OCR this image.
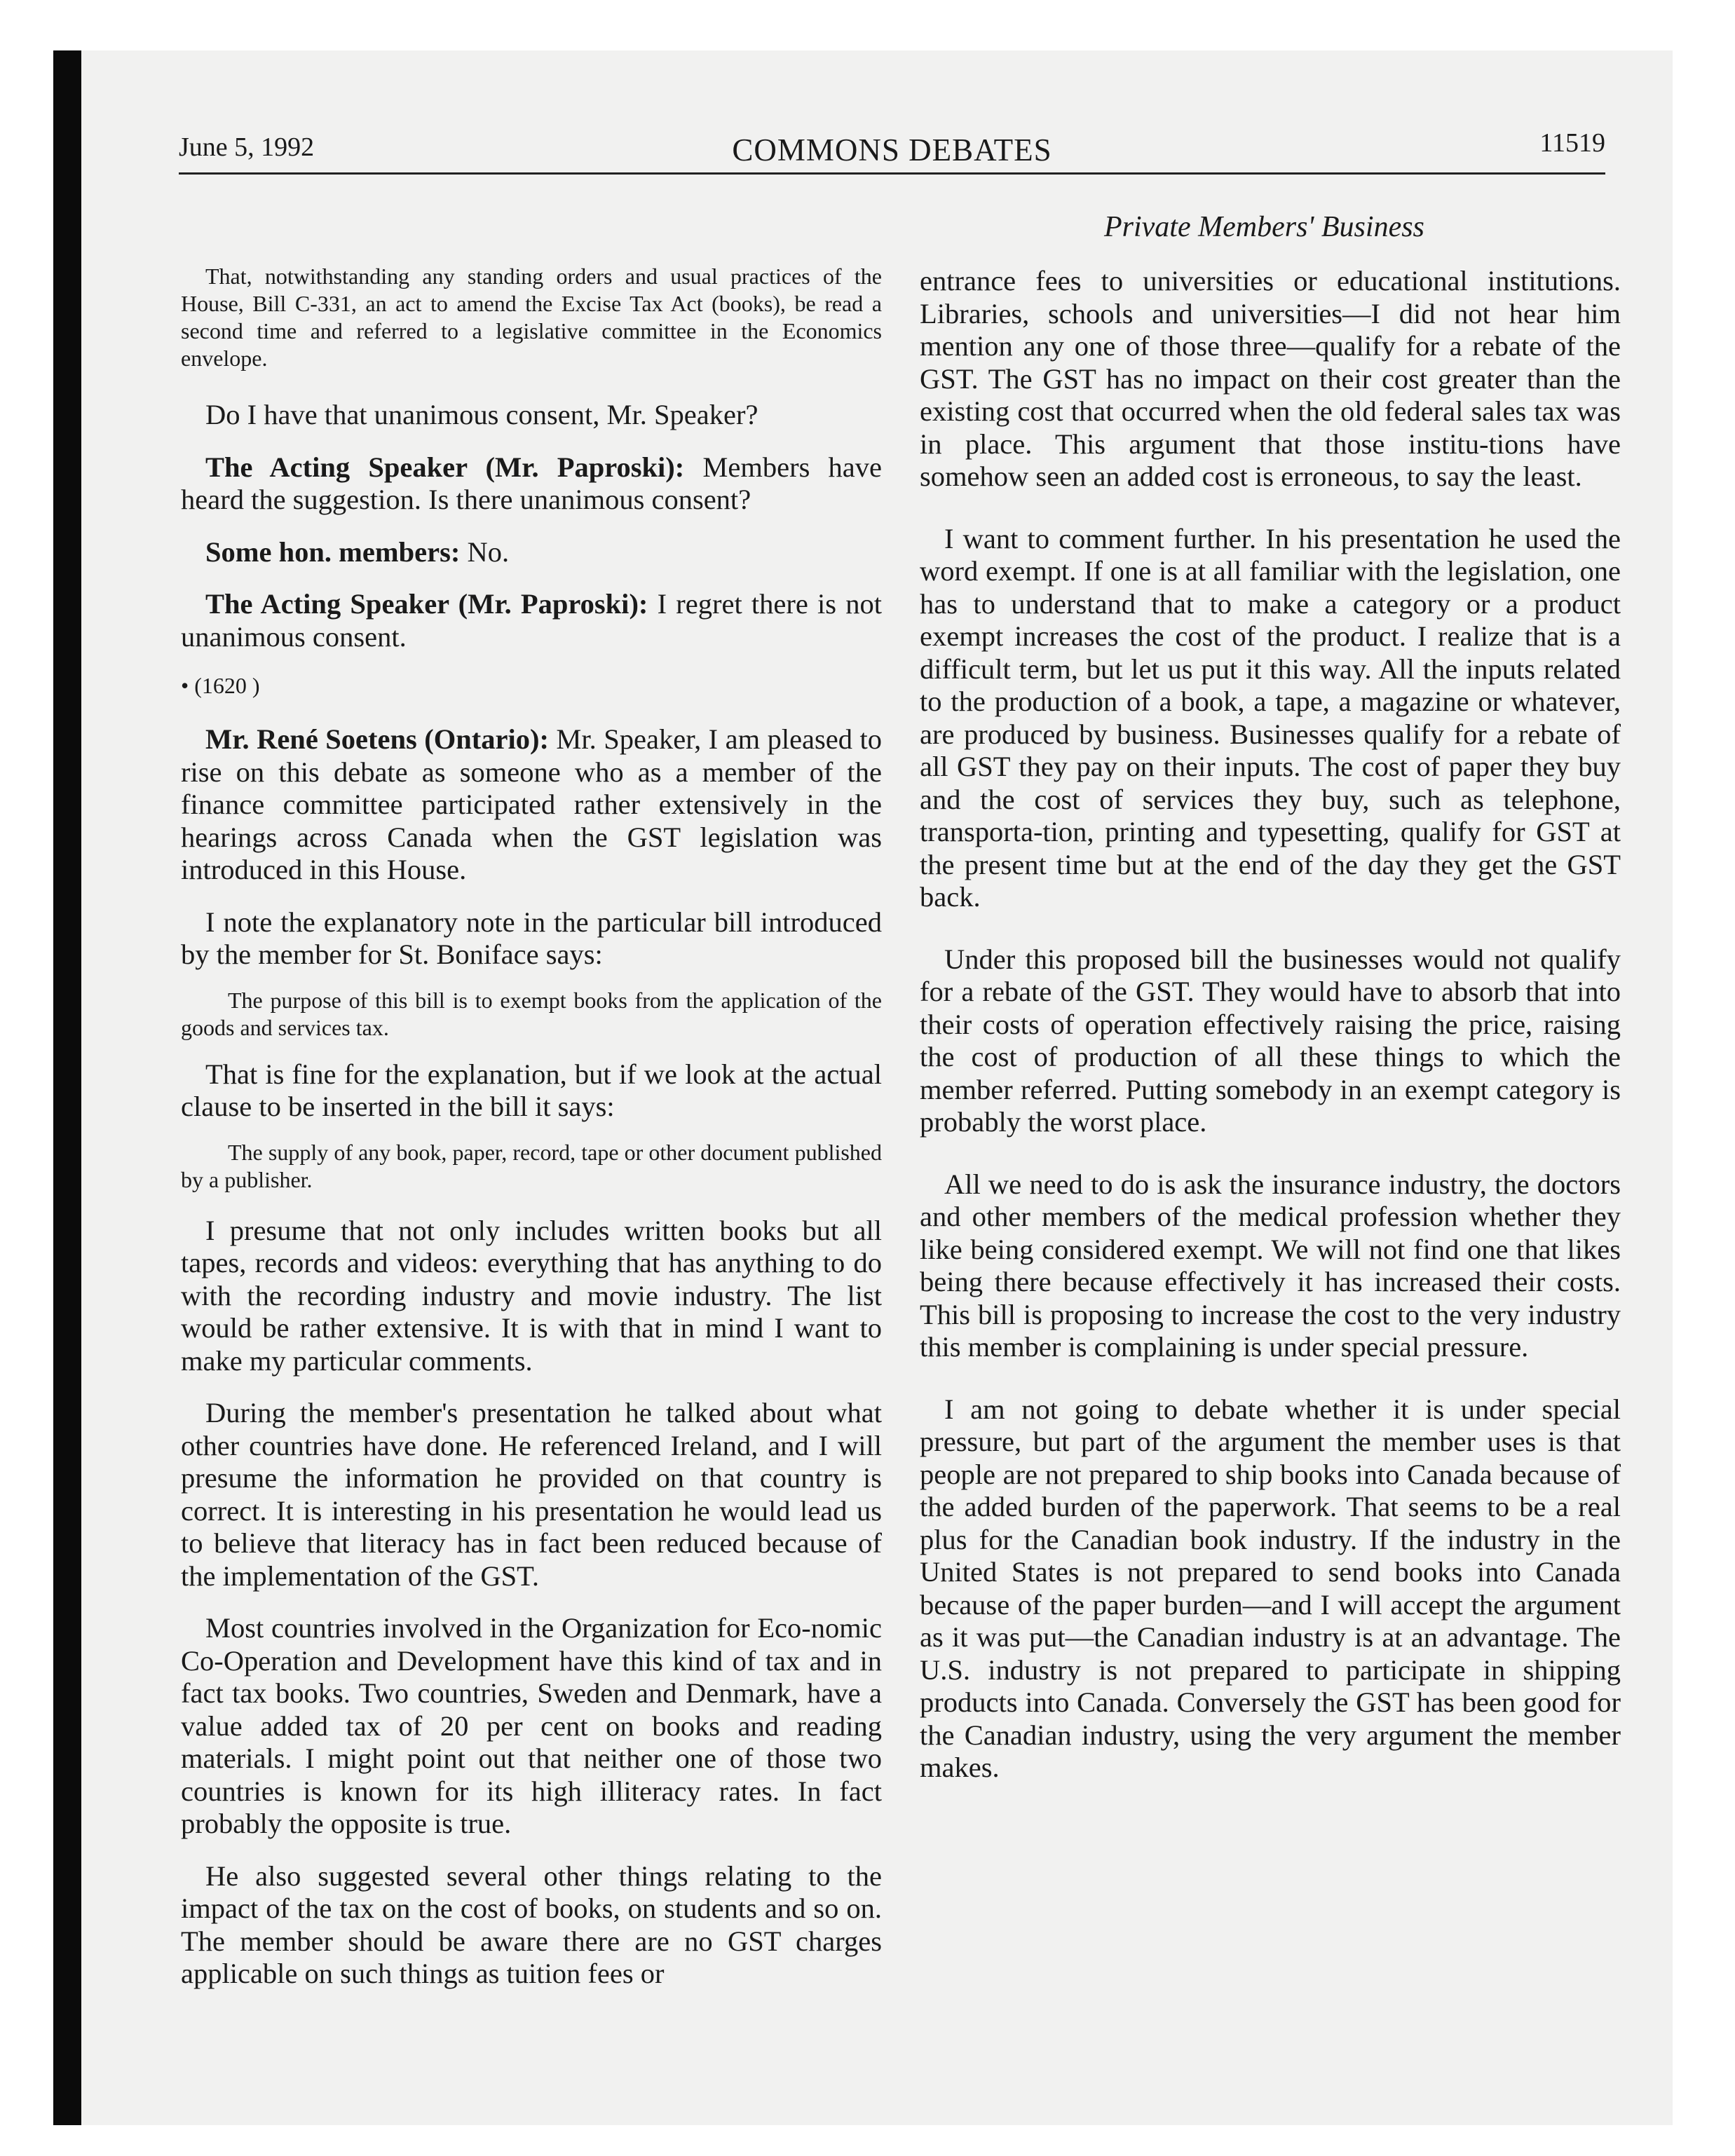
June 5, 1992	COMMONS DEBATES	11519
Private Members' Business

That, notwithstanding any standing orders and usual practices of the House, Bill C-331, an act to amend the Excise Tax Act (books), be read a second time and referred to a legislative committee in the Economics envelope.

Do I have that unanimous consent, Mr. Speaker?

The Acting Speaker (Mr. Paproski): Members have heard the suggestion. Is there unanimous consent?

Some hon. members: No.

The Acting Speaker (Mr. Paproski): I regret there is not unanimous consent.

• (1620 )

Mr. René Soetens (Ontario): Mr. Speaker, I am pleased to rise on this debate as someone who as a member of the finance committee participated rather extensively in the hearings across Canada when the GST legislation was introduced in this House.

I note the explanatory note in the particular bill introduced by the member for St. Boniface says:

The purpose of this bill is to exempt books from the application of the goods and services tax.

That is fine for the explanation, but if we look at the actual clause to be inserted in the bill it says:

The supply of any book, paper, record, tape or other document published by a publisher.

I presume that not only includes written books but all tapes, records and videos: everything that has anything to do with the recording industry and movie industry. The list would be rather extensive. It is with that in mind I want to make my particular comments.

During the member's presentation he talked about what other countries have done. He referenced Ireland, and I will presume the information he provided on that country is correct. It is interesting in his presentation he would lead us to believe that literacy has in fact been reduced because of the implementation of the GST.

Most countries involved in the Organization for Eco-nomic Co-Operation and Development have this kind of tax and in fact tax books. Two countries, Sweden and Denmark, have a value added tax of 20 per cent on books and reading materials. I might point out that neither one of those two countries is known for its high illiteracy rates. In fact probably the opposite is true.

He also suggested several other things relating to the impact of the tax on the cost of books, on students and so on. The member should be aware there are no GST charges applicable on such things as tuition fees or

entrance fees to universities or educational institutions. Libraries, schools and universities—I did not hear him mention any one of those three—qualify for a rebate of the GST. The GST has no impact on their cost greater than the existing cost that occurred when the old federal sales tax was in place. This argument that those institu-tions have somehow seen an added cost is erroneous, to say the least.

I want to comment further. In his presentation he used the word exempt. If one is at all familiar with the legislation, one has to understand that to make a category or a product exempt increases the cost of the product. I realize that is a difficult term, but let us put it this way. All the inputs related to the production of a book, a tape, a magazine or whatever, are produced by business. Businesses qualify for a rebate of all GST they pay on their inputs. The cost of paper they buy and the cost of services they buy, such as telephone, transporta-tion, printing and typesetting, qualify for GST at the present time but at the end of the day they get the GST back.

Under this proposed bill the businesses would not qualify for a rebate of the GST. They would have to absorb that into their costs of operation effectively raising the price, raising the cost of production of all these things to which the member referred. Putting somebody in an exempt category is probably the worst place.

All we need to do is ask the insurance industry, the doctors and other members of the medical profession whether they like being considered exempt. We will not find one that likes being there because effectively it has increased their costs. This bill is proposing to increase the cost to the very industry this member is complaining is under special pressure.

I am not going to debate whether it is under special pressure, but part of the argument the member uses is that people are not prepared to ship books into Canada because of the added burden of the paperwork. That seems to be a real plus for the Canadian book industry. If the industry in the United States is not prepared to send books into Canada because of the paper burden—and I will accept the argument as it was put—the Canadian industry is at an advantage. The U.S. industry is not prepared to participate in shipping products into Canada. Conversely the GST has been good for the Canadian industry, using the very argument the member makes.
